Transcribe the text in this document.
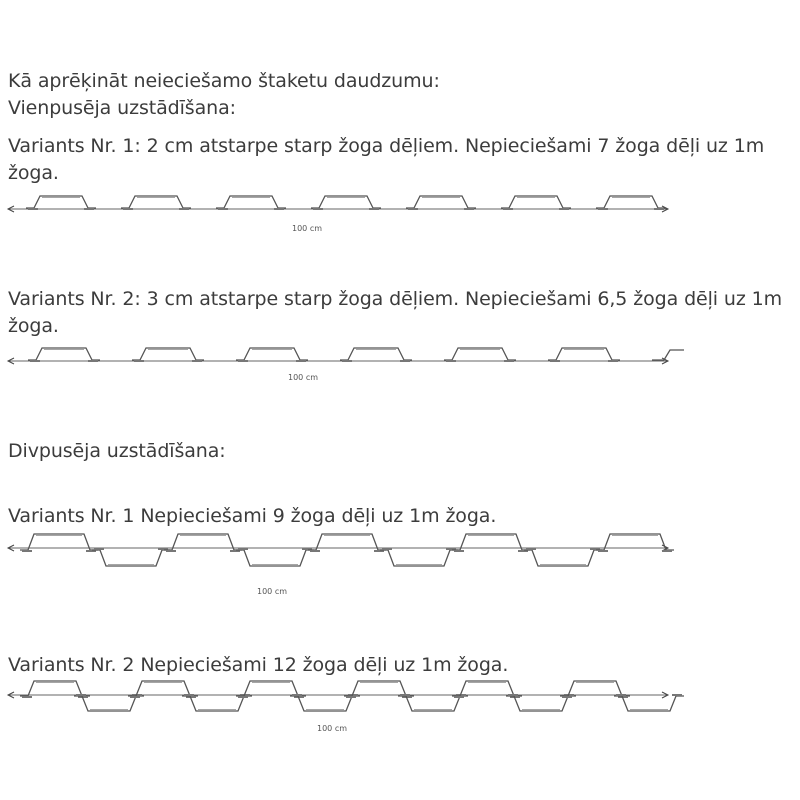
Kā aprēķināt neieciešamo štaketu daudzumu:
Vienpusēja uzstādīšana:
Variants Nr. 1: 2 cm atstarpe starp žoga dēļiem. Nepieciešami 7 žoga dēļi uz 1m žoga.
100 cm
Variants Nr. 2: 3 cm atstarpe starp žoga dēļiem. Nepieciešami 6,5 žoga dēļi uz 1m žoga.
100 cm
Divpusēja uzstādīšana:
Variants Nr. 1 Nepieciešami 9 žoga dēļi uz 1m žoga.
100 cm
Variants Nr. 2 Nepieciešami 12 žoga dēļi uz 1m žoga.
100 cm
